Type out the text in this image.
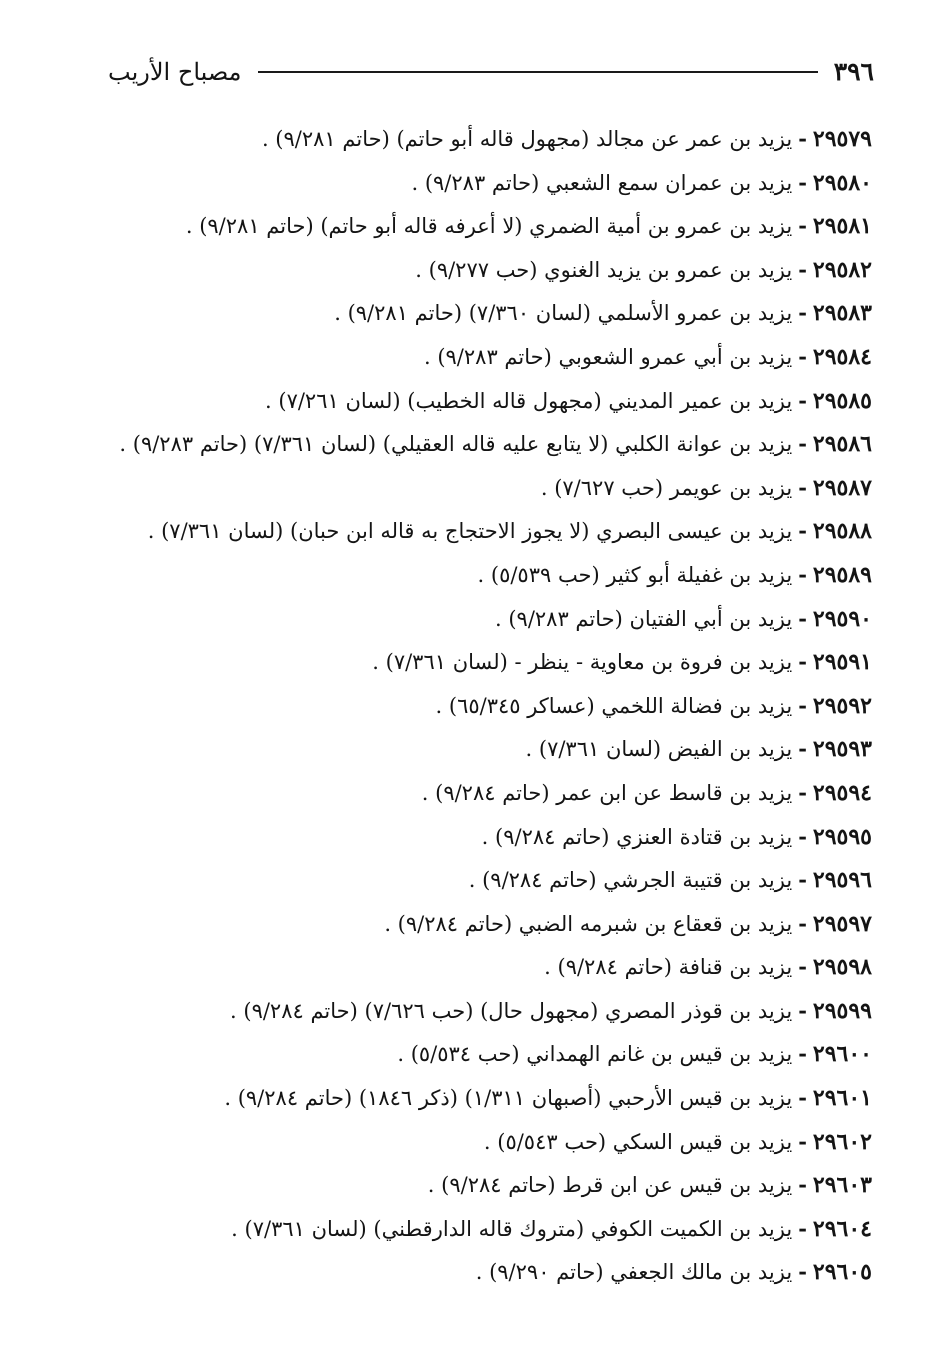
٣٩٦
مصباح الأريب
٢٩٥٧٩-يزيد بن عمر عن مجالد (مجهول قاله أبو حاتم) (حاتم ٩/٢٨١) .
٢٩٥٨٠-يزيد بن عمران سمع الشعبي (حاتم ٩/٢٨٣) .
٢٩٥٨١-يزيد بن عمرو بن أمية الضمري (لا أعرفه قاله أبو حاتم) (حاتم ٩/٢٨١) .
٢٩٥٨٢-يزيد بن عمرو بن يزيد الغنوي (حب ٩/٢٧٧) .
٢٩٥٨٣-يزيد بن عمرو الأسلمي (لسان ٧/٣٦٠) (حاتم ٩/٢٨١) .
٢٩٥٨٤-يزيد بن أبي عمرو الشعوبي (حاتم ٩/٢٨٣) .
٢٩٥٨٥-يزيد بن عمير المديني (مجهول قاله الخطيب) (لسان ٧/٢٦١) .
٢٩٥٨٦-يزيد بن عوانة الكلبي (لا يتابع عليه قاله العقيلي) (لسان ٧/٣٦١) (حاتم ٩/٢٨٣) .
٢٩٥٨٧-يزيد بن عويمر (حب ٧/٦٢٧) .
٢٩٥٨٨-يزيد بن عيسى البصري (لا يجوز الاحتجاج به قاله ابن حبان) (لسان ٧/٣٦١) .
٢٩٥٨٩-يزيد بن غفيلة أبو كثير (حب ٥/٥٣٩) .
٢٩٥٩٠-يزيد بن أبي الفتيان (حاتم ٩/٢٨٣) .
٢٩٥٩١-يزيد بن فروة بن معاوية - ينظر - (لسان ٧/٣٦١) .
٢٩٥٩٢-يزيد بن فضالة اللخمي (عساكر ٦٥/٣٤٥) .
٢٩٥٩٣-يزيد بن الفيض (لسان ٧/٣٦١) .
٢٩٥٩٤-يزيد بن قاسط عن ابن عمر (حاتم ٩/٢٨٤) .
٢٩٥٩٥-يزيد بن قتادة العنزي (حاتم ٩/٢٨٤) .
٢٩٥٩٦-يزيد بن قتيبة الجرشي (حاتم ٩/٢٨٤) .
٢٩٥٩٧-يزيد بن قعقاع بن شبرمه الضبي (حاتم ٩/٢٨٤) .
٢٩٥٩٨-يزيد بن قنافة (حاتم ٩/٢٨٤) .
٢٩٥٩٩-يزيد بن قوذر المصري (مجهول حال) (حب ٧/٦٢٦) (حاتم ٩/٢٨٤) .
٢٩٦٠٠-يزيد بن قيس بن غانم الهمداني (حب ٥/٥٣٤) .
٢٩٦٠١-يزيد بن قيس الأرحبي (أصبهان ١/٣١١) (ذكر ١٨٤٦) (حاتم ٩/٢٨٤) .
٢٩٦٠٢-يزيد بن قيس السكي (حب ٥/٥٤٣) .
٢٩٦٠٣-يزيد بن قيس عن ابن قرط (حاتم ٩/٢٨٤) .
٢٩٦٠٤-يزيد بن الكميت الكوفي (متروك قاله الدارقطني) (لسان ٧/٣٦١) .
٢٩٦٠٥-يزيد بن مالك الجعفي (حاتم ٩/٢٩٠) .
